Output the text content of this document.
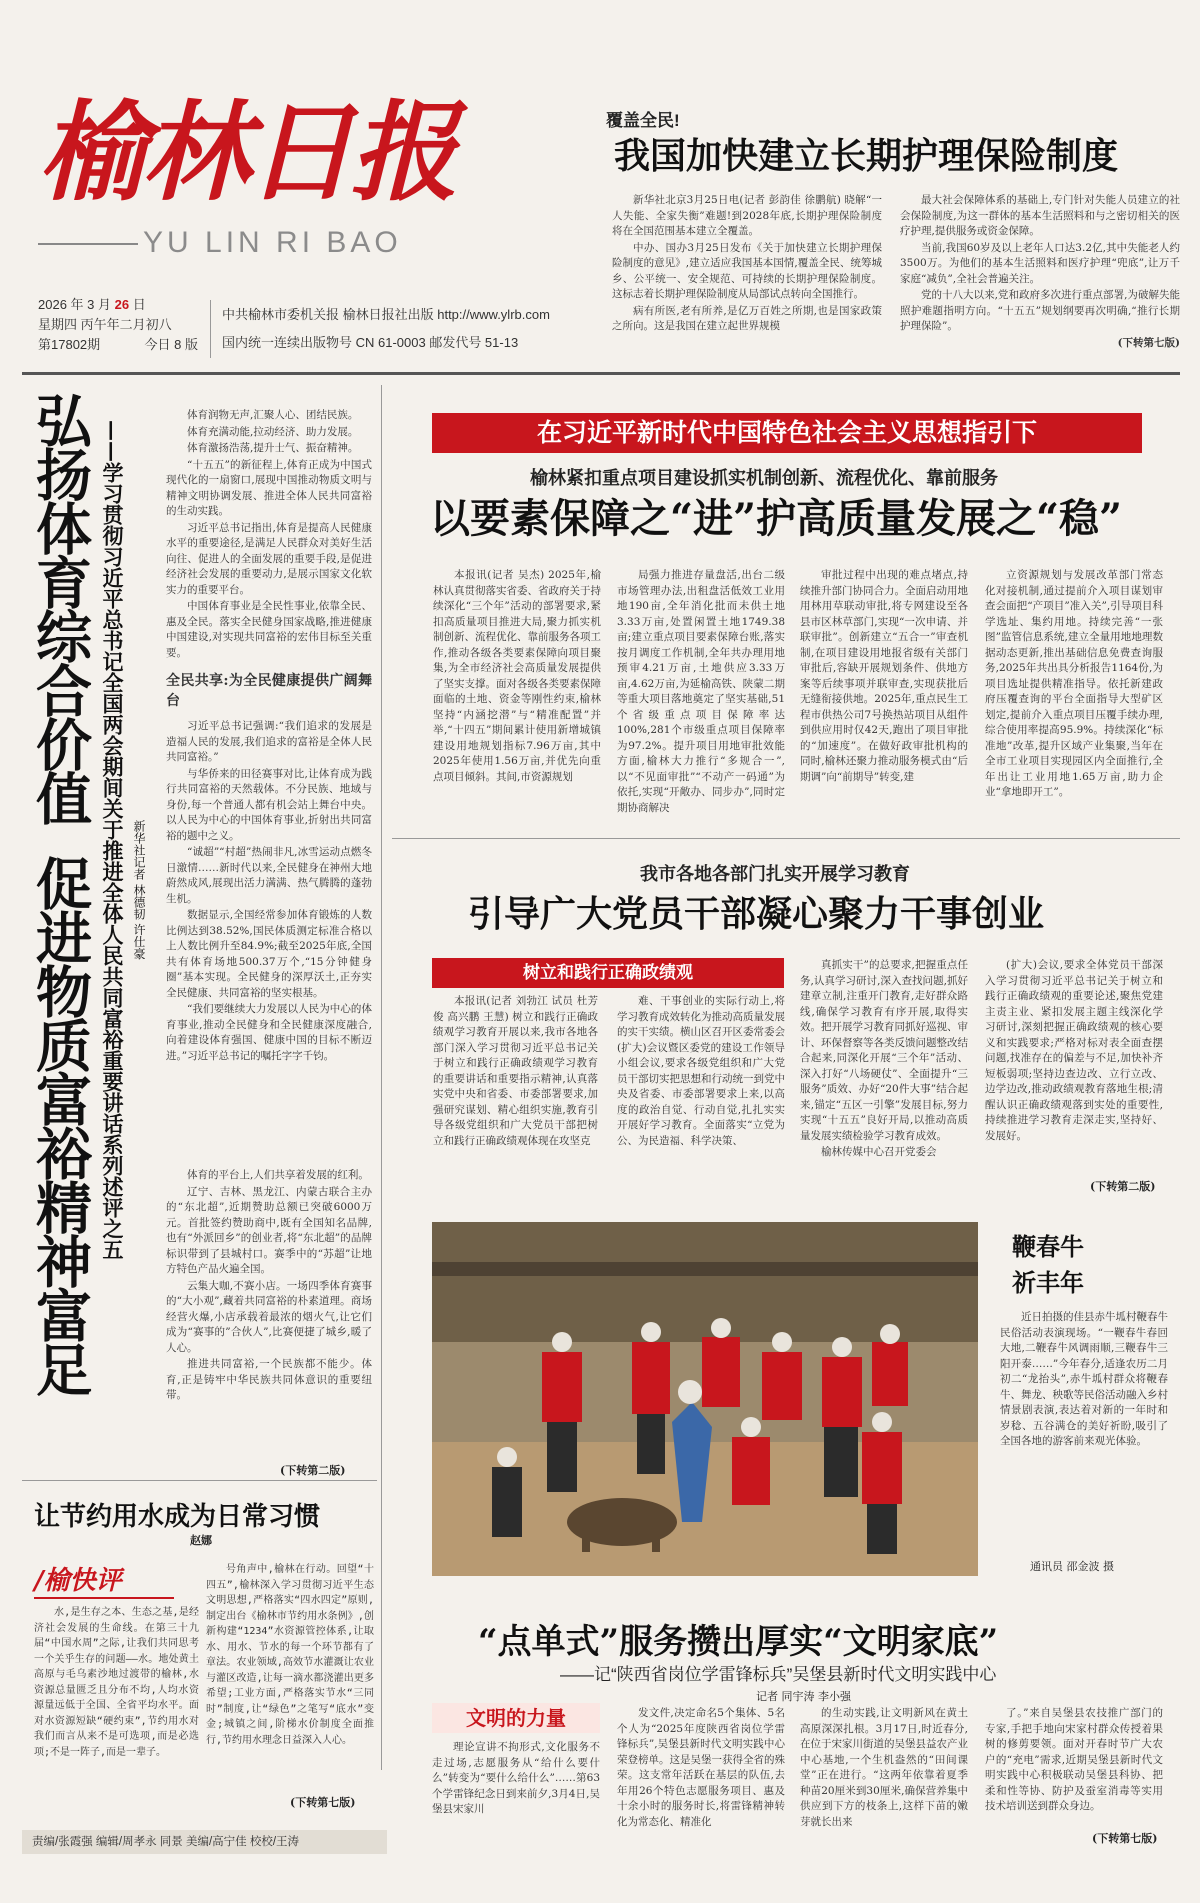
榆林日报
YU LIN RI BAO
2026 年 3 月 26 日
星期四 丙午年二月初八
第17802期	今日 8 版
中共榆林市委机关报 榆林日报社出版 http://www.ylrb.com
国内统一连续出版物号 CN 61-0003 邮发代号 51-13
覆盖全民!
我国加快建立长期护理保险制度

新华社北京3月25日电(记者 彭韵佳 徐鹏航) 晓解“一人失能、全家失衡”难题!到2028年底,长期护理保险制度将在全国范围基本建立全覆盖。

中办、国办3月25日发布《关于加快建立长期护理保险制度的意见》,建立适应我国基本国情,覆盖全民、统筹城乡、公平统一、安全规范、可持续的长期护理保险制度。这标志着长期护理保险制度从局部试点转向全国推行。

病有所医,老有所养,是亿万百姓之所期,也是国家政策之所向。这是我国在建立起世界规模

最大社会保障体系的基础上,专门针对失能人员建立的社会保险制度,为这一群体的基本生活照料和与之密切相关的医疗护理,提供服务或资金保障。

当前,我国60岁及以上老年人口达3.2亿,其中失能老人约3500万。为他们的基本生活照料和医疗护理“兜底”,让万千家庭“减负”,全社会普遍关注。

党的十八大以来,党和政府多次进行重点部署,为破解失能照护难题指明方向。“十五五”规划纲要再次明确,“推行长期护理保险”。

(下转第七版)

弘扬体育综合价值
促进物质富裕精神富足 ——学习贯彻习近平总书记全国两会期间关于推进全体人民共同富裕重要讲话系列述评之五 新华社记者 林德韧 许仕豪

体育润物无声,汇聚人心、团结民族。

体育充满动能,拉动经济、助力发展。

体育激扬浩荡,提升士气、振奋精神。

“十五五”的新征程上,体育正成为中国式现代化的一扇窗口,展现中国推动物质文明与精神文明协调发展、推进全体人民共同富裕的生动实践。

习近平总书记指出,体育是提高人民健康水平的重要途径,是满足人民群众对美好生活向往、促进人的全面发展的重要手段,是促进经济社会发展的重要动力,是展示国家文化软实力的重要平台。

中国体育事业是全民性事业,依靠全民、惠及全民。落实全民健身国家战略,推进健康中国建设,对实现共同富裕的宏伟目标至关重要。

全民共享:为全民健康提供广阔舞台

习近平总书记强调:“我们追求的发展是造福人民的发展,我们追求的富裕是全体人民共同富裕。”

与华侨来的田径赛事对比,让体育成为践行共同富裕的天然载体。不分民族、地域与身份,每一个普通人都有机会站上舞台中央。以人民为中心的中国体育事业,折射出共同富裕的题中之义。

“诚超”“村超”热闹非凡,冰雪运动点燃冬日激情……新时代以来,全民健身在神州大地蔚然成风,展现出活力满满、热气腾腾的蓬勃生机。

数据显示,全国经常参加体育锻炼的人数比例达到38.52%,国民体质测定标准合格以上人数比例升至84.9%;截至2025年底,全国共有体育场地500.37万个,“15分钟健身圈”基本实现。全民健身的深厚沃土,正夯实全民健康、共同富裕的坚实根基。

“我们要继续大力发展以人民为中心的体育事业,推动全民健身和全民健康深度融合,向着建设体育强国、健康中国的目标不断迈进。”习近平总书记的嘱托字字千钧。

体育的平台上,人们共享着发展的红利。

辽宁、吉林、黑龙江、内蒙古联合主办的“东北超”,近期赞助总额已突破6000万元。首批签约赞助商中,既有全国知名品牌,也有“外派回乡”的创业者,将“东北超”的品牌标识带到了县城村口。赛季中的“苏超”让地方特色产品火遍全国。

云集大咖,不赛小店。一场四季体育赛事的“大小观”,藏着共同富裕的朴素道理。商场经营火爆,小店承载着最浓的烟火气,让它们成为“赛事的”合伙人”,比赛便捷了城乡,暖了人心。

推进共同富裕,一个民族都不能少。体育,正是铸牢中华民族共同体意识的重要纽带。

(下转第二版)
在习近平新时代中国特色社会主义思想指引下
榆林紧扣重点项目建设抓实机制创新、流程优化、靠前服务
以要素保障之“进”护高质量发展之“稳”

本报讯(记者 吴杰) 2025年,榆林认真贯彻落实省委、省政府关于持续深化“三个年”活动的部署要求,紧扣高质量项目推进大局,聚力抓实机制创新、流程优化、靠前服务各项工作,推动各级各类要素保障向项目聚集,为全市经济社会高质量发展提供了坚实支撑。面对各级各类要素保障面临的土地、资金等刚性约束,榆林坚持“内涵挖潜”与“精准配置”并举,“十四五”期间累计使用新增城镇建设用地规划指标7.96万亩,其中2025年使用1.56万亩,并优先向重点项目倾斜。其间,市资源规划

局强力推进存量盘活,出台二级市场管理办法,出租盘活低效工业用地190亩,全年消化批而未供土地3.33万亩,处置闲置土地1749.38亩;建立重点项目要素保障台账,落实按月调度工作机制,全年共办理用地预审4.21万亩,土地供应3.33万亩,4.62万亩,为延榆高铁、陕蒙二期等重大项目落地奠定了坚实基础,51个省级重点项目保障率达100%,281个市级重点项目保障率为97.2%。提升项目用地审批效能方面,榆林大力推行“多规合一”,以“不见面审批”“不动产一码通”为依托,实现“开敞办、同步办”,同时定期协商解决

审批过程中出现的难点堵点,持续推升部门协同合力。全面启动用地用林用草联动审批,将专网建设至各县市区林草部门,实现“一次申请、并联审批”。创新建立“五合一”审查机制,在项目建设用地报省级有关部门审批后,容缺开展规划条件、供地方案等后续事项并联审查,实现获批后无缝衔接供地。2025年,重点民生工程市供热公司7号换热站项目从组件到供应用时仅42天,跑出了项目审批的“加速度”。在做好政审批机构的同时,榆林还聚力推动服务模式由“后期调”向“前期导”转变,建

立资源规划与发展改革部门常态化对接机制,通过提前介入项目谋划审查会面把“产项目”准入关”,引导项目科学选址、集约用地。持续完善“一张图”监管信息系统,建立全量用地地理数据动态更新,推出基础信息免费查询服务,2025年共出具分析报告1164份,为项目选址提供精准指导。依托新建政府压覆查询的平台全面指导大型矿区划定,提前介入重点项目压覆手续办理,综合使用率提高95.9%。持续深化“标准地”改革,提升区域产业集聚,当年在全市工业项目实现园区内全面推行,全年出让工业用地1.65万亩,助力企业“拿地即开工”。

我市各地各部门扎实开展学习教育
引导广大党员干部凝心聚力干事创业
树立和践行正确政绩观

本报讯(记者 刘勃江 试员 杜芳俊 高兴鹏 王慧) 树立和践行正确政绩观学习教育开展以来,我市各地各部门深入学习贯彻习近平总书记关于树立和践行正确政绩观学习教育的重要讲话和重要指示精神,认真落实党中央和省委、市委部署要求,加强研究谋划、精心组织实施,教育引导各级党组织和广大党员干部把树立和践行正确政绩观体现在攻坚克

难、干事创业的实际行动上,将学习教育成效转化为推动高质量发展的实干实绩。横山区召开区委常委会(扩大)会议暨区委党的建设工作领导小组会议,要求各级党组织和广大党员干部切实把思想和行动统一到党中央及省委、市委部署要求上来,以高度的政治自觉、行动自觉,扎扎实实开展好学习教育。全面落实“立党为公、为民造福、科学决策、

真抓实干”的总要求,把握重点任务,认真学习研讨,深入查找问题,抓好建章立制,注重开门教育,走好群众路线,确保学习教育有序开展,取得实效。把开展学习教育同抓好巡视、审计、环保督察等各类反馈问题整改结合起来,同深化开展“三个年”活动、深入打好“八场硬仗”、全面提升“三服务”质效、办好“20件大事”结合起来,锚定“五区一引擎”发展目标,努力实现“十五五”良好开局,以推动高质量发展实绩检验学习教育成效。

榆林传媒中心召开党委会

(扩大)会议,要求全体党员干部深入学习贯彻习近平总书记关于树立和践行正确政绩观的重要论述,聚焦党建主责主业、紧扣发展主题主线深化学习研讨,深刻把握正确政绩观的核心要义和实践要求;严格对标对表全面查摆问题,找准存在的偏差与不足,加快补齐短板弱项;坚持边查边改、立行立改、边学边改,推动政绩观教育落地生根;清醒认识正确政绩观落到实处的重要性,持续推进学习教育走深走实,坚持好、发展好。

(下转第二版)
鞭春牛
祈丰年

近日拍摄的佳县赤牛坬村鞭春牛民俗活动表演现场。“一鞭春牛春回大地,二鞭春牛风调雨顺,三鞭春牛三阳开泰……”今年春分,适逢农历二月初二“龙抬头”,赤牛坬村群众将鞭春牛、舞龙、秧歌等民俗活动融入乡村情景剧表演,表达着对新的一年时和岁稔、五谷满仓的美好祈盼,吸引了全国各地的游客前来观光体验。

通讯员 邵金波 摄
让节约用水成为日常习惯
赵娜
/榆快评

水,是生存之本、生态之基,是经济社会发展的生命线。在第三十九届“中国水周”之际,让我们共同思考一个关乎生存的问题——水。地处黄土高原与毛乌素沙地过渡带的榆林,水资源总量匮乏且分布不均,人均水资源量远低于全国、全省平均水平。面对水资源短缺“硬约束”,节约用水对我们而言从来不是可选项,而是必选项;不是一阵子,而是一辈子。

号角声中,榆林在行动。回望“十四五”,榆林深入学习贯彻习近平生态文明思想,严格落实“四水四定”原则,制定出台《榆林市节约用水条例》,创新构建“1234”水资源管控体系,让取水、用水、节水的每一个环节都有了章法。农业领域,高效节水灌溉让农业与灌区改造,让每一滴水都浇灌出更多希望;工业方面,严格落实节水“三同时”制度,让“绿色”之笔写“底水”变金;城镇之间,阶梯水价制度全面推行,节约用水理念日益深入人心。

(下转第七版)
责编/张霞强 编辑/周孝永 同景 美编/高宁佳 校校/王涛
“点单式”服务攒出厚实“文明家底”
——记“陕西省岗位学雷锋标兵”吴堡县新时代文明实践中心
记者 同宇涛 李小强
文明的力量

理论宣讲不拘形式,文化服务不走过场,志愿服务从“给什么要什么”转变为“要什么给什么”……第63个学雷锋纪念日到来前夕,3月4日,吴堡县宋家川

发文件,决定命名5个集体、5名个人为“2025年度陕西省岗位学雷锋标兵”,吴堡县新时代文明实践中心荣登榜单。这是吴堡一获得全省的殊荣。这支常年活跃在基层的队伍,去年用26个特色志愿服务项目、惠及十余小时的服务时长,将雷锋精神转化为常态化、精准化

的生动实践,让文明新风在黄土高原深深扎根。3月17日,时近春分,在位于宋家川街道的吴堡县益农产业中心基地,一个生机盎然的“田间课堂”正在进行。“这两年依靠着夏季种苗20厘米到30厘米,确保营养集中供应到下方的枝条上,这样下苗的嫩芽就长出来

了。”来自吴堡县农技推广部门的专家,手把手地向宋家村群众传授着果树的修剪要领。面对开春时节广大农户的“充电”需求,近期吴堡县新时代文明实践中心积极联动吴堡县科协、把柔和性等协、防护及蚕室消毒等实用技术培训送到群众身边。

(下转第七版)
